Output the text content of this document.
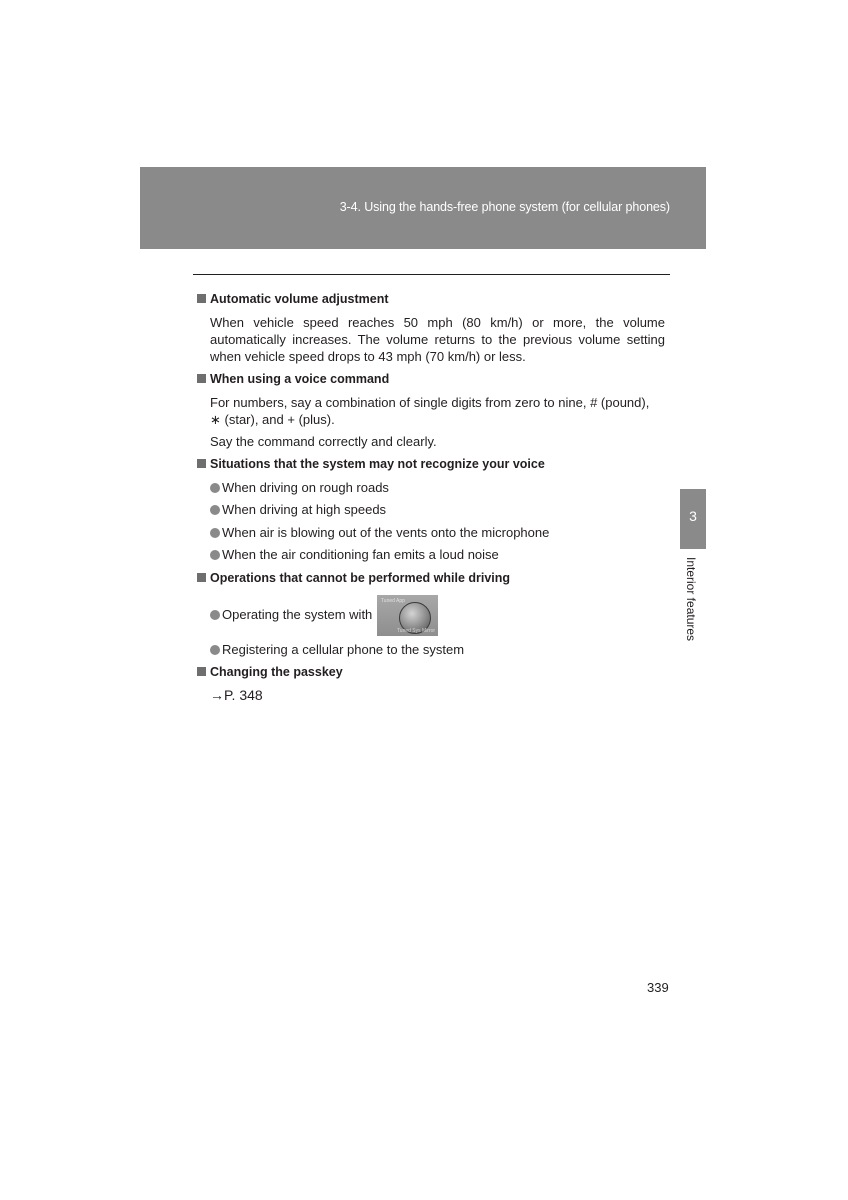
3-4. Using the hands-free phone system (for cellular phones)
Automatic volume adjustment
When vehicle speed reaches 50 mph (80 km/h) or more, the volume automatically increases. The volume returns to the previous volume setting when vehicle speed drops to 43 mph (70 km/h) or less.
When using a voice command
For numbers, say a combination of single digits from zero to nine, # (pound),
∗ (star), and + (plus).
Say the command correctly and clearly.
Situations that the system may not recognize your voice
When driving on rough roads
When driving at high speeds
When air is blowing out of the vents onto the microphone
When the air conditioning fan emits a loud noise
Operations that cannot be performed while driving
Operating the system with
Tuned App
Tuned Sys Mirror
Registering a cellular phone to the system
Changing the passkey
→P. 348
3
Interior features
339
